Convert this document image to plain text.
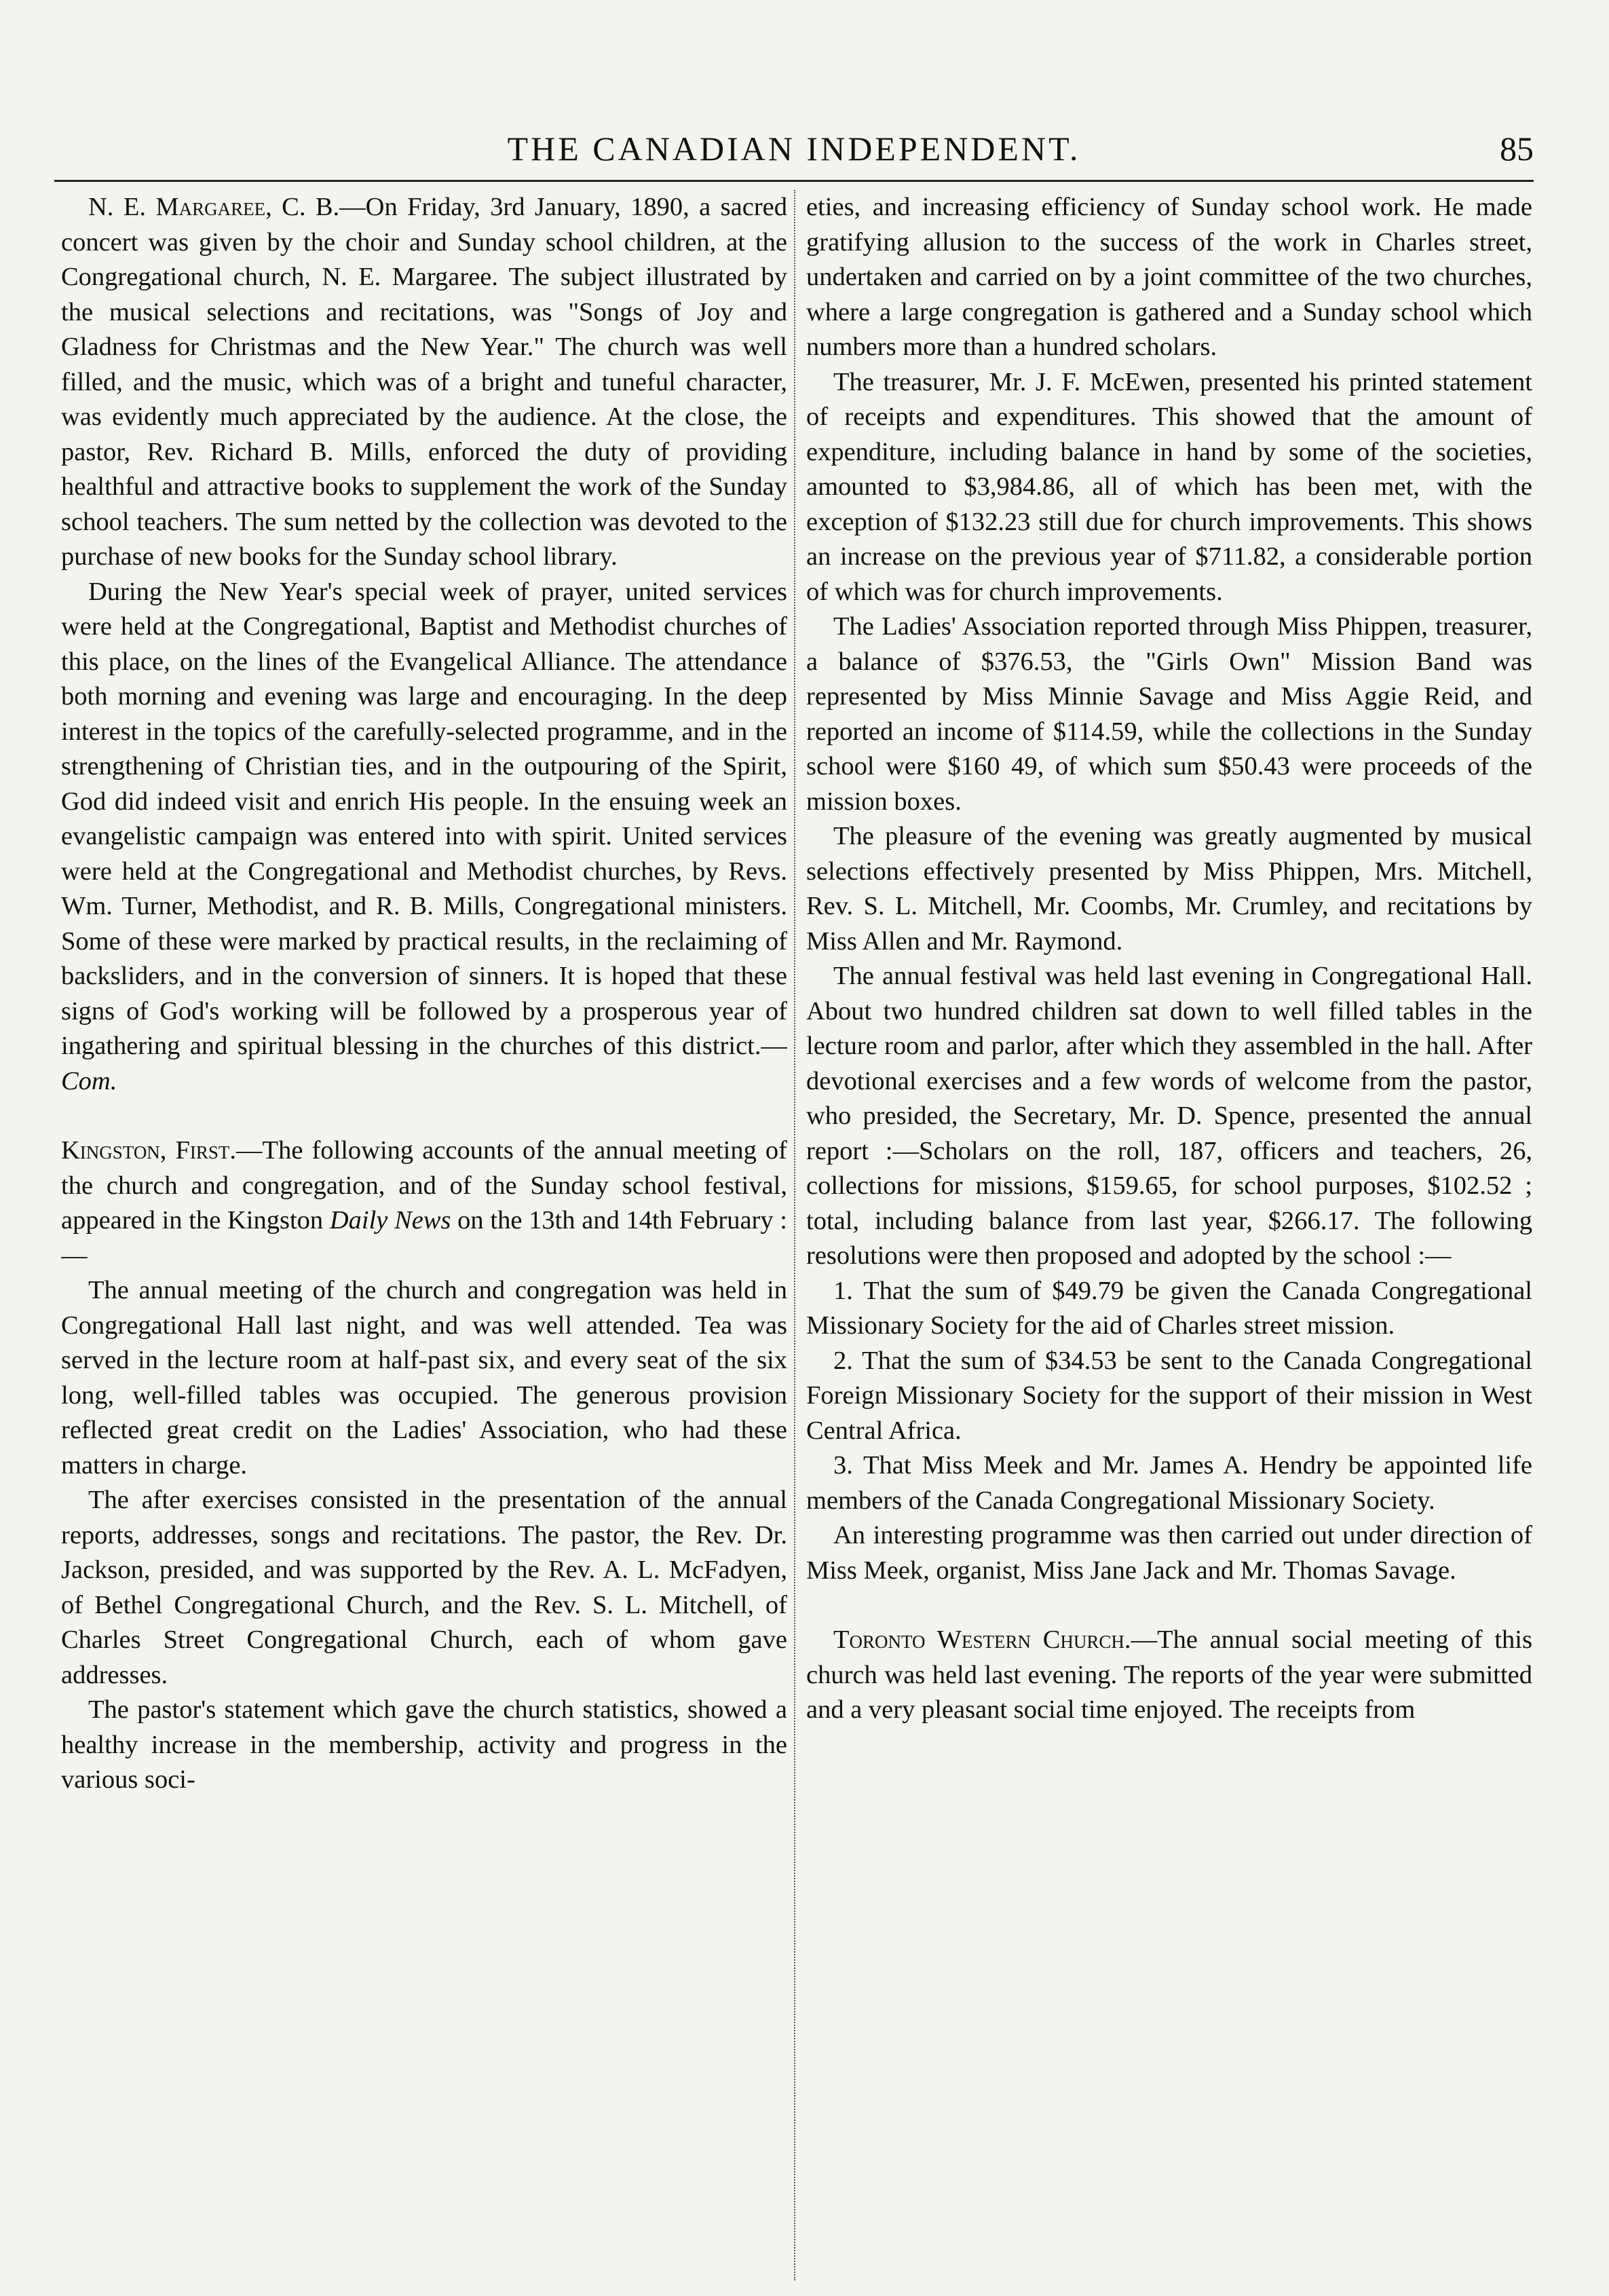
THE CANADIAN INDEPENDENT.	85

N. E. Margaree, C. B.—On Friday, 3rd January, 1890, a sacred concert was given by the choir and Sunday school children, at the Congregational church, N. E. Margaree. The subject illustrated by the musical selections and recitations, was "Songs of Joy and Gladness for Christmas and the New Year." The church was well filled, and the music, which was of a bright and tuneful character, was evidently much appreciated by the audience. At the close, the pastor, Rev. Richard B. Mills, enforced the duty of providing healthful and attractive books to supplement the work of the Sunday school teachers. The sum netted by the collection was devoted to the purchase of new books for the Sunday school library.

During the New Year's special week of prayer, united services were held at the Congregational, Baptist and Methodist churches of this place, on the lines of the Evangelical Alliance. The attendance both morning and evening was large and encouraging. In the deep interest in the topics of the carefully-selected programme, and in the strengthening of Christian ties, and in the outpouring of the Spirit, God did indeed visit and enrich His people. In the ensuing week an evangelistic campaign was entered into with spirit. United services were held at the Congregational and Methodist churches, by Revs. Wm. Turner, Methodist, and R. B. Mills, Congregational ministers. Some of these were marked by practical results, in the reclaiming of backsliders, and in the conversion of sinners. It is hoped that these signs of God's working will be followed by a prosperous year of ingathering and spiritual blessing in the churches of this district.—Com.

Kingston, First.—The following accounts of the annual meeting of the church and congregation, and of the Sunday school festival, appeared in the Kingston Daily News on the 13th and 14th February :—

The annual meeting of the church and congregation was held in Congregational Hall last night, and was well attended. Tea was served in the lecture room at half-past six, and every seat of the six long, well-filled tables was occupied. The generous provision reflected great credit on the Ladies' Association, who had these matters in charge.

The after exercises consisted in the presentation of the annual reports, addresses, songs and recitations. The pastor, the Rev. Dr. Jackson, presided, and was supported by the Rev. A. L. McFadyen, of Bethel Congregational Church, and the Rev. S. L. Mitchell, of Charles Street Congregational Church, each of whom gave addresses.

The pastor's statement which gave the church statistics, showed a healthy increase in the membership, activity and progress in the various soci-

eties, and increasing efficiency of Sunday school work. He made gratifying allusion to the success of the work in Charles street, undertaken and carried on by a joint committee of the two churches, where a large congregation is gathered and a Sunday school which numbers more than a hundred scholars.

The treasurer, Mr. J. F. McEwen, presented his printed statement of receipts and expenditures. This showed that the amount of expenditure, including balance in hand by some of the societies, amounted to $3,984.86, all of which has been met, with the exception of $132.23 still due for church improvements. This shows an increase on the previous year of $711.82, a considerable portion of which was for church improvements.

The Ladies' Association reported through Miss Phippen, treasurer, a balance of $376.53, the "Girls Own" Mission Band was represented by Miss Minnie Savage and Miss Aggie Reid, and reported an income of $114.59, while the collections in the Sunday school were $160 49, of which sum $50.43 were proceeds of the mission boxes.

The pleasure of the evening was greatly augmented by musical selections effectively presented by Miss Phippen, Mrs. Mitchell, Rev. S. L. Mitchell, Mr. Coombs, Mr. Crumley, and recitations by Miss Allen and Mr. Raymond.

The annual festival was held last evening in Congregational Hall. About two hundred children sat down to well filled tables in the lecture room and parlor, after which they assembled in the hall. After devotional exercises and a few words of welcome from the pastor, who presided, the Secretary, Mr. D. Spence, presented the annual report :—Scholars on the roll, 187, officers and teachers, 26, collections for missions, $159.65, for school purposes, $102.52 ; total, including balance from last year, $266.17. The following resolutions were then proposed and adopted by the school :—

1. That the sum of $49.79 be given the Canada Congregational Missionary Society for the aid of Charles street mission.

2. That the sum of $34.53 be sent to the Canada Congregational Foreign Missionary Society for the support of their mission in West Central Africa.

3. That Miss Meek and Mr. James A. Hendry be appointed life members of the Canada Congregational Missionary Society.

An interesting programme was then carried out under direction of Miss Meek, organist, Miss Jane Jack and Mr. Thomas Savage.

Toronto Western Church.—The annual social meeting of this church was held last evening. The reports of the year were submitted and a very pleasant social time enjoyed. The receipts from
